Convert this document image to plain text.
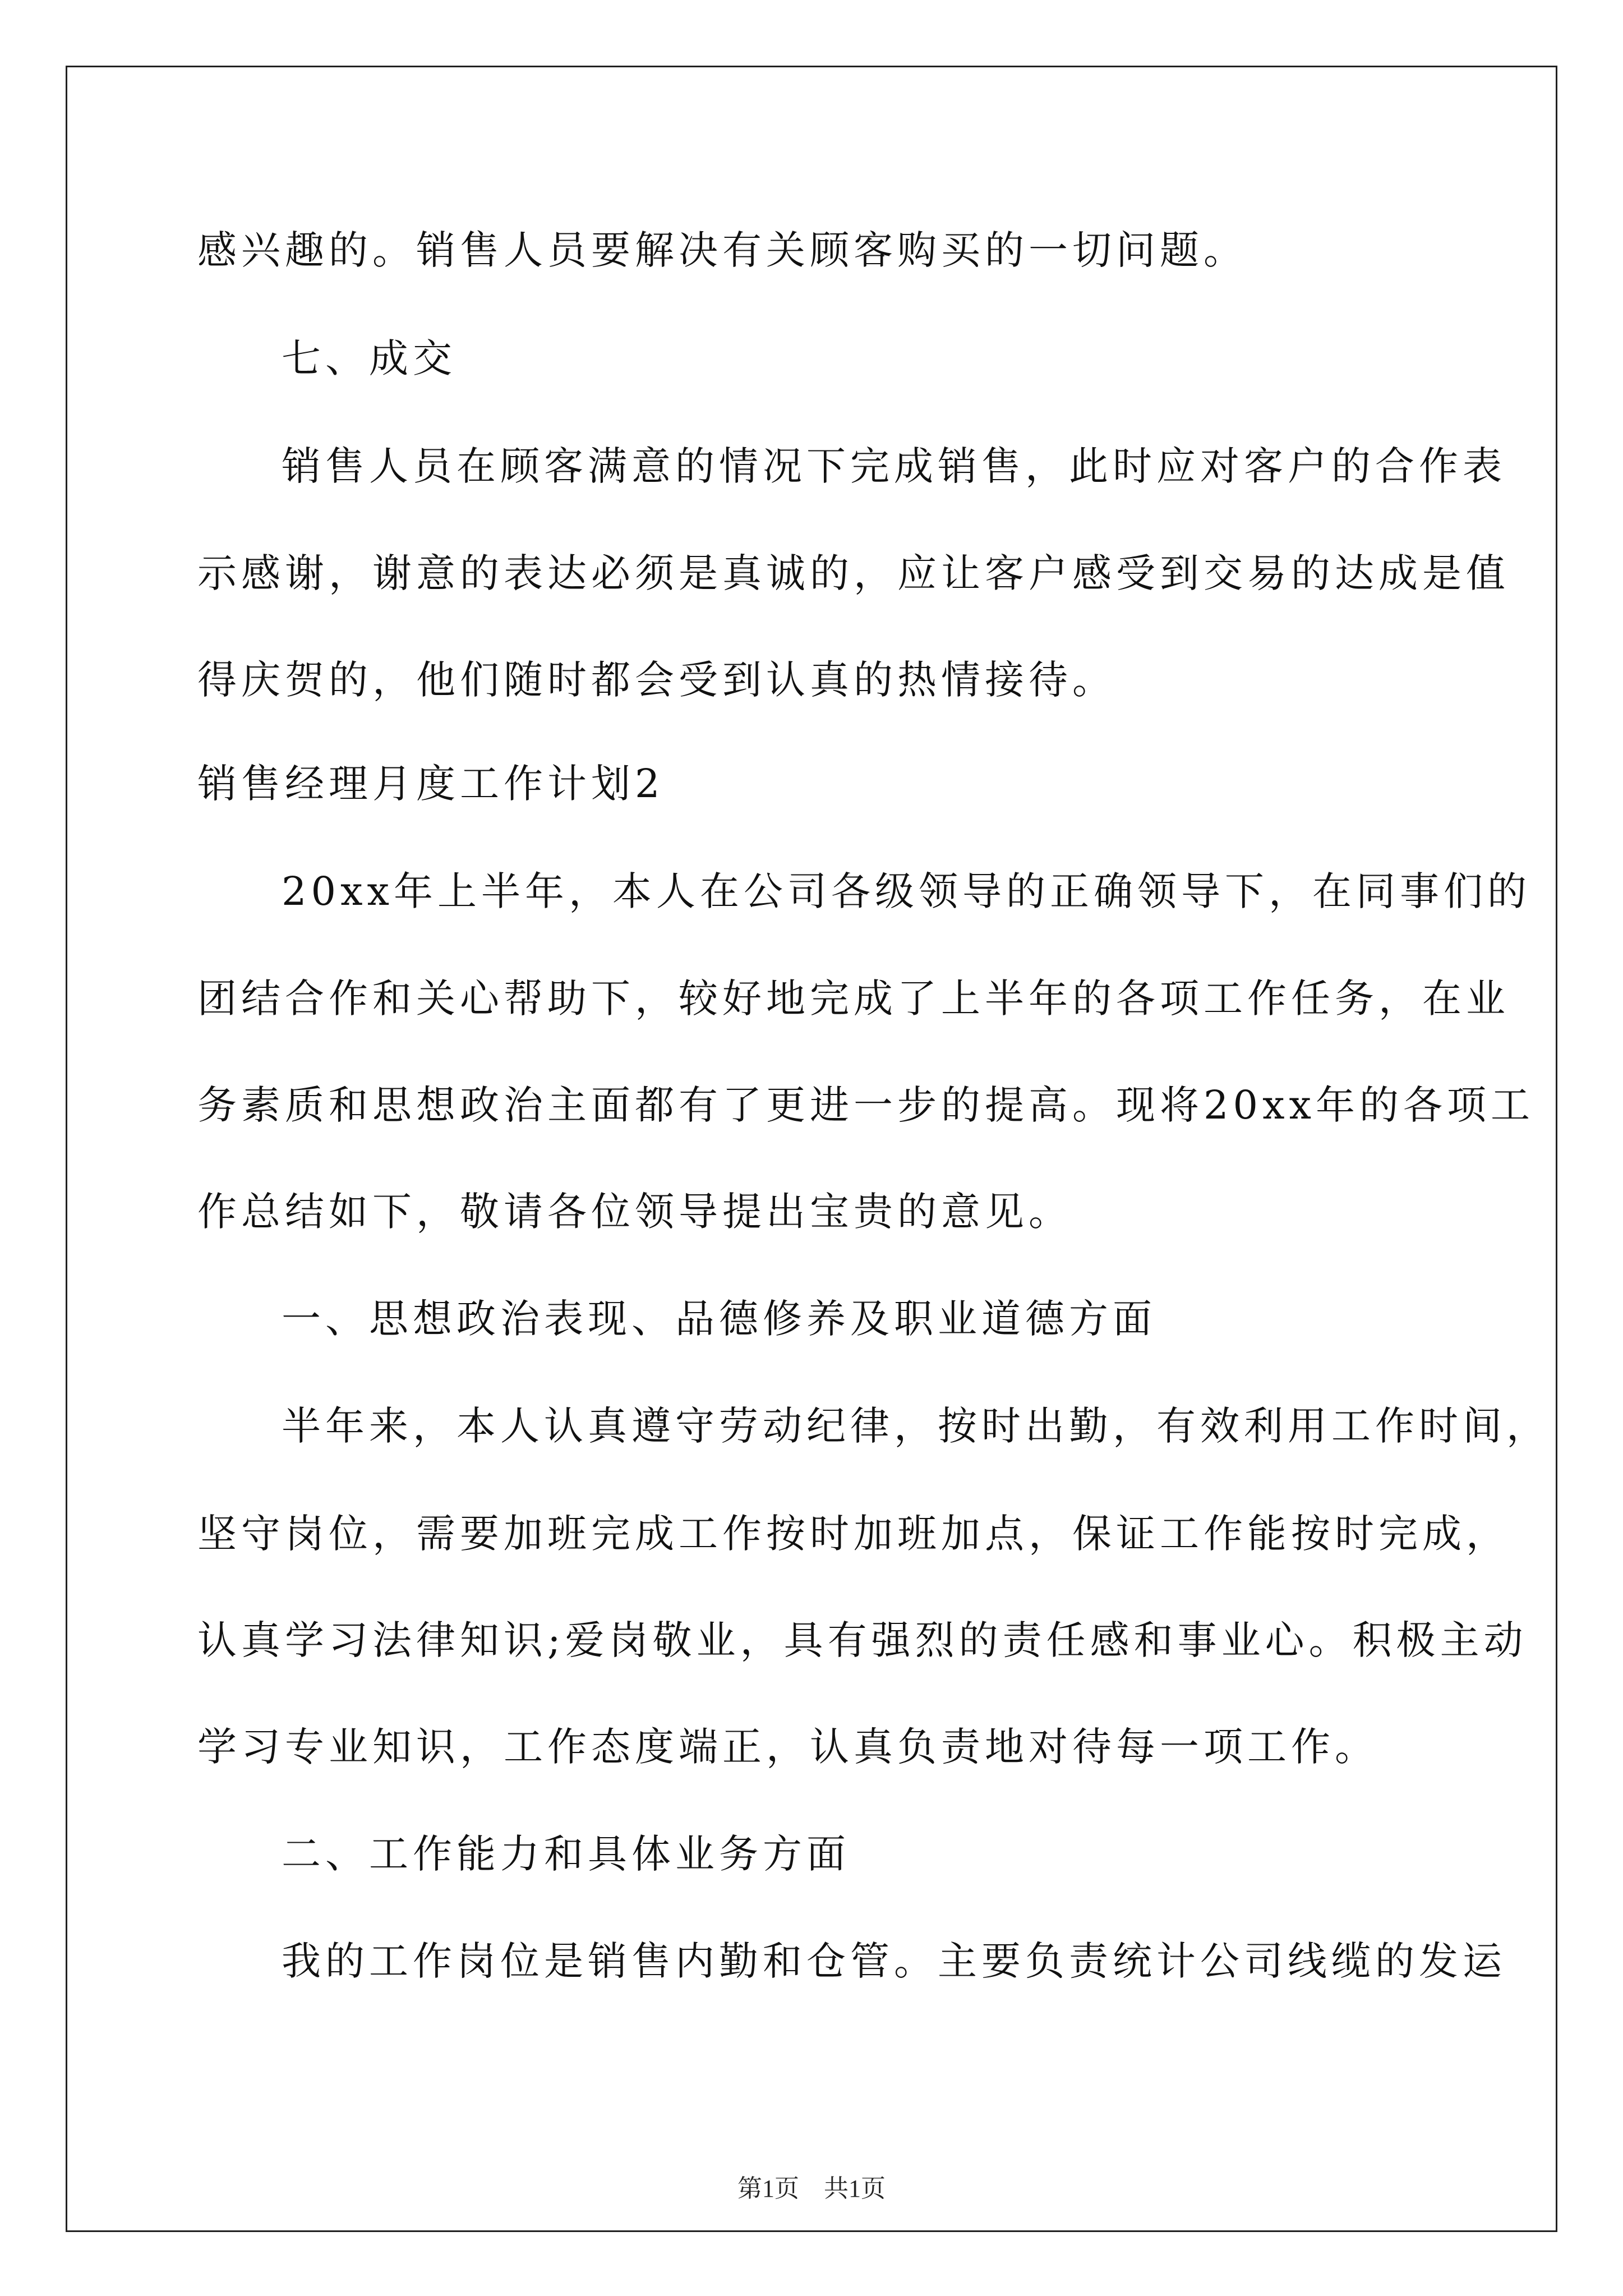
感兴趣的。销售人员要解决有关顾客购买的一切问题。

七、成交

销售人员在顾客满意的情况下完成销售，此时应对客户的合作表

示感谢，谢意的表达必须是真诚的，应让客户感受到交易的达成是值

得庆贺的，他们随时都会受到认真的热情接待。

销售经理月度工作计划2

20xx年上半年，本人在公司各级领导的正确领导下，在同事们的

团结合作和关心帮助下，较好地完成了上半年的各项工作任务，在业

务素质和思想政治主面都有了更进一步的提高。现将20xx年的各项工

作总结如下，敬请各位领导提出宝贵的意见。

一、思想政治表现、品德修养及职业道德方面

半年来，本人认真遵守劳动纪律，按时出勤，有效利用工作时间，

坚守岗位，需要加班完成工作按时加班加点，保证工作能按时完成，

认真学习法律知识;爱岗敬业，具有强烈的责任感和事业心。积极主动

学习专业知识，工作态度端正，认真负责地对待每一项工作。

二、工作能力和具体业务方面

我的工作岗位是销售内勤和仓管。主要负责统计公司线缆的发运

第1页　共1页
